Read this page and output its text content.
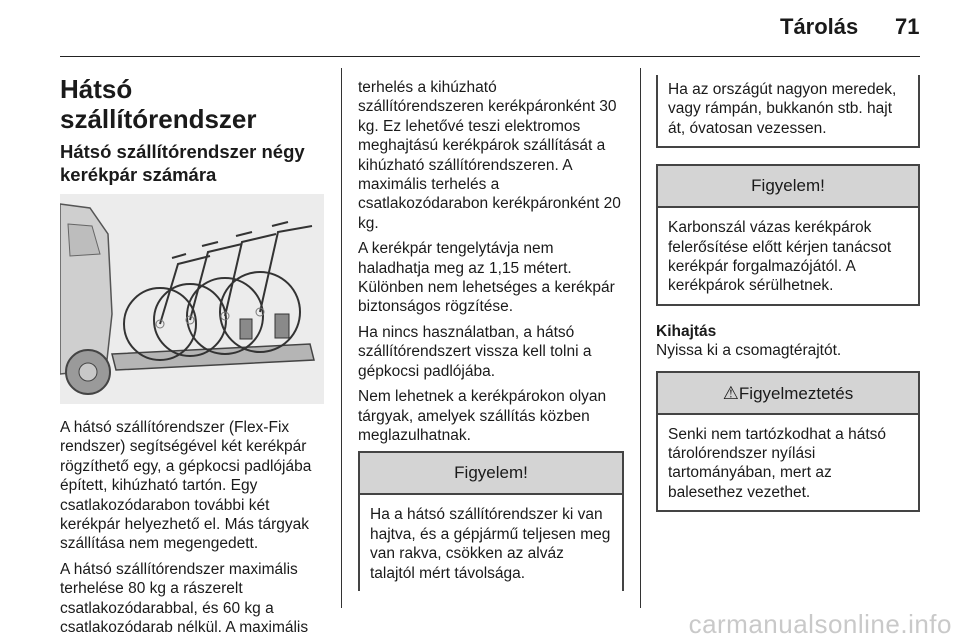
Tárolás 71
Hátsó szállítórendszer
Hátsó szállítórendszer négy kerékpár számára

A hátsó szállítórendszer (Flex-Fix rendszer) segítségével két kerékpár rögzíthető egy, a gépkocsi padlójába épített, kihúzható tartón. Egy csatlakozódarabon további két kerékpár helyezhető el. Más tárgyak szállítása nem megengedett.

A hátsó szállítórendszer maximális terhelése 80 kg a rászerelt csatlakozódarabbal, és 60 kg a csatlakozódarab nélkül. A maximális

terhelés a kihúzható szállítórendszeren kerékpáronként 30 kg. Ez lehetővé teszi elektromos meghajtású kerékpárok szállítását a kihúzható szállítórendszeren. A maximális terhelés a csatlakozódarabon kerékpáronként 20 kg.

A kerékpár tengelytávja nem haladhatja meg az 1,15 métert. Különben nem lehetséges a kerékpár biztonságos rögzítése.

Ha nincs használatban, a hátsó szállítórendszert vissza kell tolni a gépkocsi padlójába.

Nem lehetnek a kerékpárokon olyan tárgyak, amelyek szállítás közben meglazulhatnak.

Figyelem!
Ha a hátsó szállítórendszer ki van hajtva, és a gépjármű teljesen meg van rakva, csökken az alváz talajtól mért távolsága.
Ha az országút nagyon meredek, vagy rámpán, bukkanón stb. hajt át, óvatosan vezessen.
Figyelem!
Karbonszál vázas kerékpárok felerősítése előtt kérjen tanácsot kerékpár forgalmazójától. A kerékpárok sérülhetnek.
Kihajtás
Nyissa ki a csomagtérajtót.
⚠Figyelmeztetés
Senki nem tartózkodhat a hátsó tárolórendszer nyílási tartományában, mert az balesethez vezethet.
carmanualsonline.info
